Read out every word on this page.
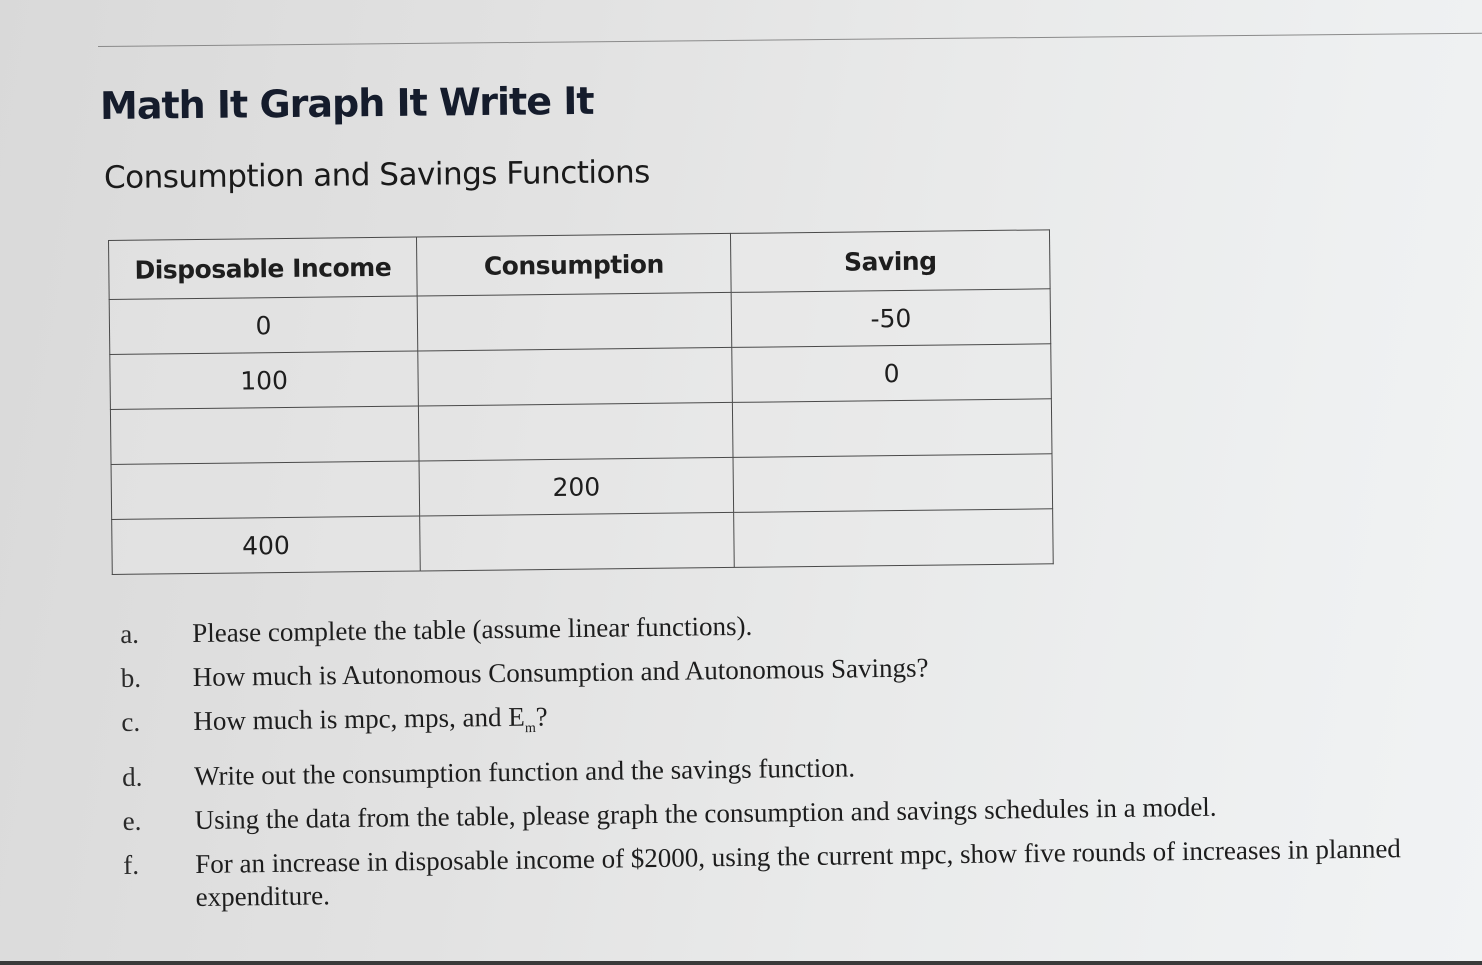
Math It Graph It Write It
Consumption and Savings Functions
Disposable Income	Consumption	Saving
0		-50
100		0

	200	
400		
a.	Please complete the table (assume linear functions).
b.	How much is Autonomous Consumption and Autonomous Savings?
c.	How much is mpc, mps, and $E_m$?
d.	Write out the consumption function and the savings function.
e.	Using the data from the table, please graph the consumption and savings schedules in a model.
f.	For an increase in disposable income of $2000, using the current mpc, show five rounds of increases in planned expenditure.
